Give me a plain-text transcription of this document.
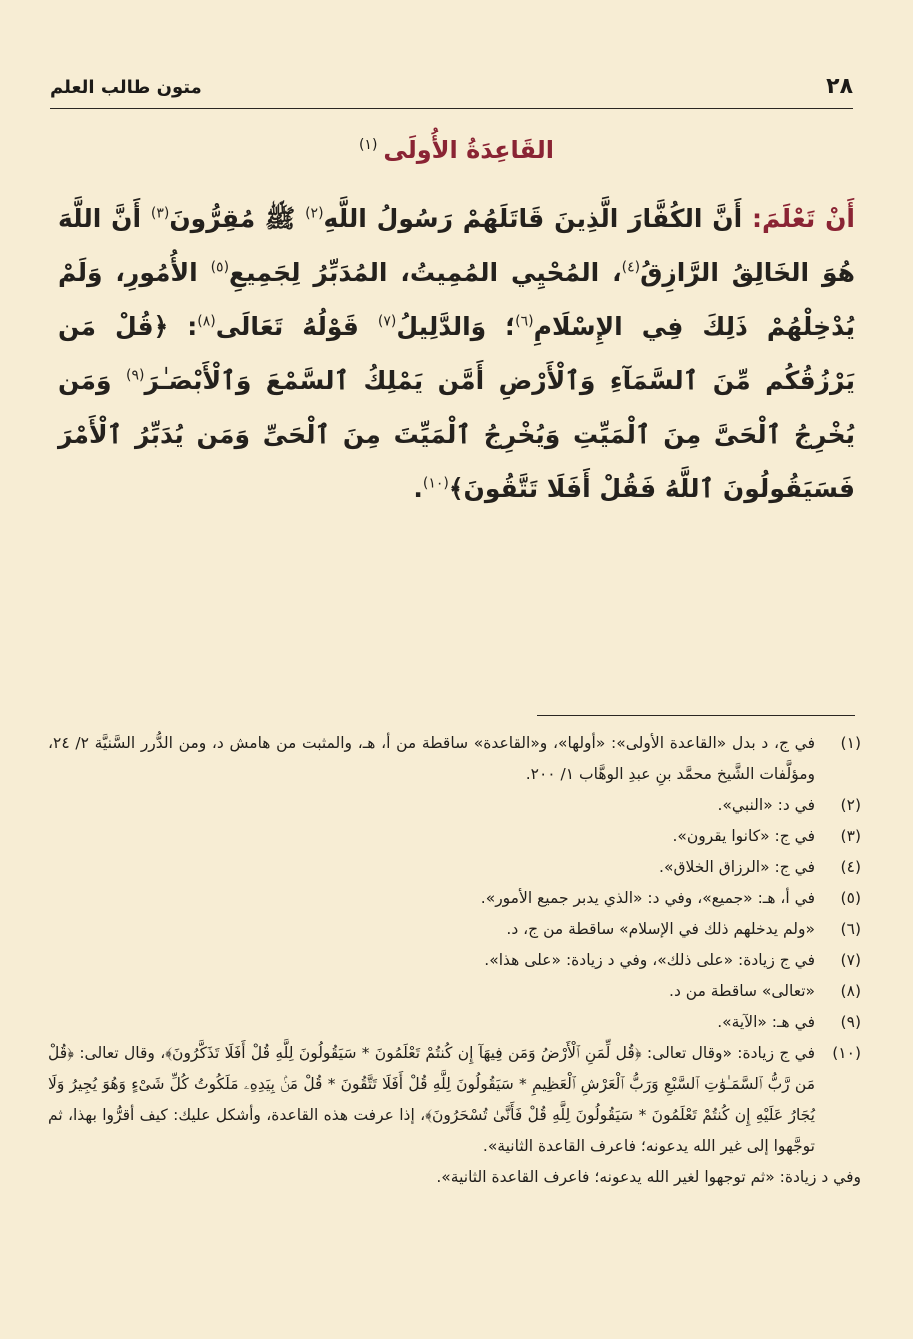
٢٨
متون طالب العلم
القَاعِدَةُ الأُولَى$^{(١)}$
أَنْ تَعْلَمَ: أَنَّ الكُفَّارَ الَّذِينَ قَاتَلَهُمْ رَسُولُ اللَّهِ$^{(٢)}$ ﷺ مُقِرُّونَ$^{(٣)}$ أَنَّ اللَّهَ هُوَ الخَالِقُ الرَّازِقُ$^{(٤)}$، المُحْيِي المُمِيتُ، المُدَبِّرُ لِجَمِيعِ$^{(٥)}$ الأُمُورِ، وَلَمْ يُدْخِلْهُمْ ذَلِكَ فِي الإِسْلَامِ$^{(٦)}$؛ وَالدَّلِيلُ$^{(٧)}$ قَوْلُهُ تَعَالَى$^{(٨)}$: ﴿قُلْ مَن يَرْزُقُكُم مِّنَ ٱلسَّمَآءِ وَٱلْأَرْضِ أَمَّن يَمْلِكُ ٱلسَّمْعَ وَٱلْأَبْصَـٰرَ$^{(٩)}$ وَمَن يُخْرِجُ ٱلْحَىَّ مِنَ ٱلْمَيِّتِ وَيُخْرِجُ ٱلْمَيِّتَ مِنَ ٱلْحَىِّ وَمَن يُدَبِّرُ ٱلْأَمْرَ فَسَيَقُولُونَ ٱللَّهُ فَقُلْ أَفَلَا تَتَّقُونَ﴾$^{(١٠)}$.
(١)
في ج، د بدل «القاعدة الأولى»: «أولها»، و«القاعدة» ساقطة من أ، هـ، والمثبت من هامش د، ومن الدُّرر السَّنيَّة ٢/ ٢٤، ومؤلَّفات الشَّيخ محمَّد بنِ عبدِ الوهَّاب ١/ ٢٠٠.
(٢)
في د: «النبي».
(٣)
في ج: «كانوا يقرون».
(٤)
في ج: «الرزاق الخلاق».
(٥)
في أ، هـ: «جميع»، وفي د: «الذي يدبر جميع الأمور».
(٦)
«ولم يدخلهم ذلك في الإسلام» ساقطة من ج، د.
(٧)
في ج زيادة: «على ذلك»، وفي د زيادة: «على هذا».
(٨)
«تعالى» ساقطة من د.
(٩)
في هـ: «الآية».
(١٠)
في ج زيادة: «وقال تعالى: ﴿قُل لِّمَنِ ٱلْأَرْضُ وَمَن فِيهَآ إِن كُنتُمْ تَعْلَمُونَ * سَيَقُولُونَ لِلَّهِ قُلْ أَفَلَا تَذَكَّرُونَ﴾، وقال تعالى: ﴿قُلْ مَن رَّبُّ ٱلسَّمَـٰوَٰتِ ٱلسَّبْعِ وَرَبُّ ٱلْعَرْشِ ٱلْعَظِيمِ * سَيَقُولُونَ لِلَّهِ قُلْ أَفَلَا تَتَّقُونَ * قُلْ مَنۢ بِيَدِهِۦ مَلَكُوتُ كُلِّ شَىْءٍ وَهُوَ يُجِيرُ وَلَا يُجَارُ عَلَيْهِ إِن كُنتُمْ تَعْلَمُونَ * سَيَقُولُونَ لِلَّهِ قُلْ فَأَنَّىٰ تُسْحَرُونَ﴾، إذا عرفت هذه القاعدة، وأشكل عليك: كيف أقرُّوا بهذا، ثم توجَّهوا إلى غير الله يدعونه؛ فاعرف القاعدة الثانية».
وفي د زيادة: «ثم توجهوا لغير الله يدعونه؛ فاعرف القاعدة الثانية».
